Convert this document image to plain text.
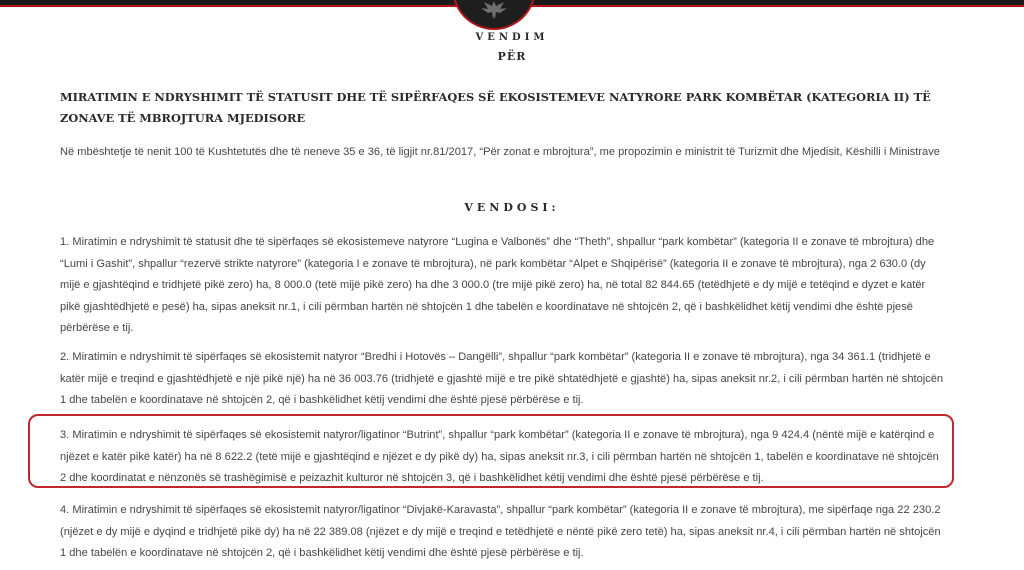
VENDIM
PËR
MIRATIMIN E NDRYSHIMIT TË STATUSIT DHE TË SIPËRFAQES SË EKOSISTEMEVE NATYRORE PARK KOMBËTAR (KATEGORIA II) TË ZONAVE TË MBROJTURA MJEDISORE
Në mbështetje të nenit 100 të Kushtetutës dhe të neneve 35 e 36, të ligjit nr.81/2017, “Për zonat e mbrojtura”, me propozimin e ministrit të Turizmit dhe Mjedisit, Këshilli i Ministrave
VENDOSI:
1. Miratimin e ndryshimit të statusit dhe të sipërfaqes së ekosistemeve natyrore “Lugina e Valbonës” dhe “Theth”, shpallur “park kombëtar” (kategoria II e zonave të mbrojtura) dhe “Lumi i Gashit”, shpallur “rezervë strikte natyrore” (kategoria I e zonave të mbrojtura), në park kombëtar “Alpet e Shqipërisë” (kategoria II e zonave të mbrojtura), nga 2 630.0 (dy mijë e gjashtëqind e tridhjetë pikë zero) ha, 8 000.0 (tetë mijë pikë zero) ha dhe 3 000.0 (tre mijë pikë zero) ha, në total 82 844.65 (tetëdhjetë e dy mijë e tetëqind e dyzet e katër pikë gjashtëdhjetë e pesë) ha, sipas aneksit nr.1, i cili përmban hartën në shtojcën 1 dhe tabelën e koordinatave në shtojcën 2, që i bashkëlidhet këtij vendimi dhe është pjesë përbërëse e tij.
2. Miratimin e ndryshimit të sipërfaqes së ekosistemit natyror “Bredhi i Hotovës – Dangëlli”, shpallur “park kombëtar” (kategoria II e zonave të mbrojtura), nga 34 361.1 (tridhjetë e katër mijë e treqind e gjashtëdhjetë e një pikë një) ha në 36 003.76 (tridhjetë e gjashtë mijë e tre pikë shtatëdhjetë e gjashtë) ha, sipas aneksit nr.2, i cili përmban hartën në shtojcën 1 dhe tabelën e koordinatave në shtojcën 2, që i bashkëlidhet këtij vendimi dhe është pjesë përbërëse e tij.
3. Miratimin e ndryshimit të sipërfaqes së ekosistemit natyror/ligatinor “Butrint”, shpallur “park kombëtar” (kategoria II e zonave të mbrojtura), nga 9 424.4 (nëntë mijë e katërqind e njëzet e katër pikë katër) ha në 8 622.2 (tetë mijë e gjashtëqind e njëzet e dy pikë dy) ha, sipas aneksit nr.3, i cili përmban hartën në shtojcën 1, tabelën e koordinatave në shtojcën 2 dhe koordinatat e nënzonës së trashëgimisë e peizazhit kulturor në shtojcën 3, që i bashkëlidhet këtij vendimi dhe është pjesë përbërëse e tij.
4. Miratimin e ndryshimit të sipërfaqes së ekosistemit natyror/ligatinor “Divjakë-Karavasta”, shpallur “park kombëtar” (kategoria II e zonave të mbrojtura), me sipërfaqe nga 22 230.2 (njëzet e dy mijë e dyqind e tridhjetë pikë dy) ha në 22 389.08 (njëzet e dy mijë e treqind e tetëdhjetë e nëntë pikë zero tetë) ha, sipas aneksit nr.4, i cili përmban hartën në shtojcën 1 dhe tabelën e koordinatave në shtojcën 2, që i bashkëlidhet këtij vendimi dhe është pjesë përbërëse e tij.
